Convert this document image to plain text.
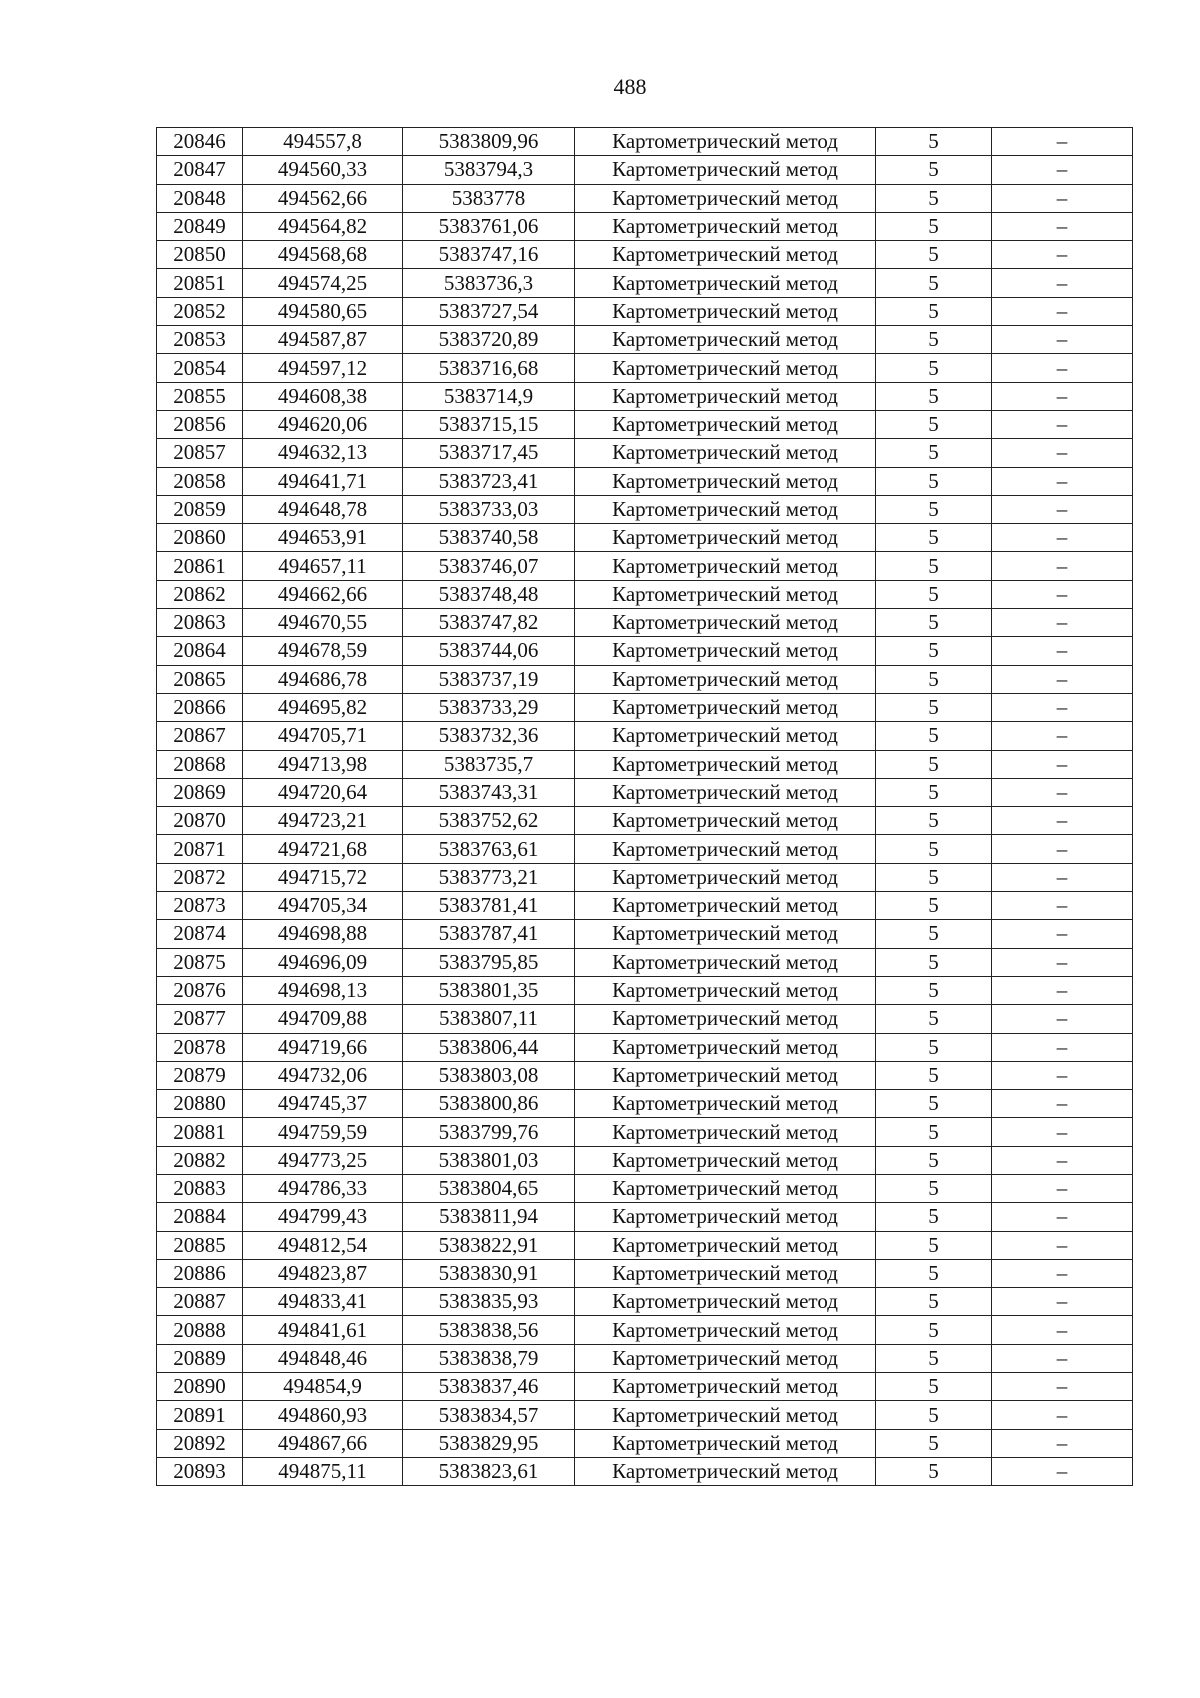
488
20846	494557,8	5383809,96	Картометрический метод	5	–
20847	494560,33	5383794,3	Картометрический метод	5	–
20848	494562,66	5383778	Картометрический метод	5	–
20849	494564,82	5383761,06	Картометрический метод	5	–
20850	494568,68	5383747,16	Картометрический метод	5	–
20851	494574,25	5383736,3	Картометрический метод	5	–
20852	494580,65	5383727,54	Картометрический метод	5	–
20853	494587,87	5383720,89	Картометрический метод	5	–
20854	494597,12	5383716,68	Картометрический метод	5	–
20855	494608,38	5383714,9	Картометрический метод	5	–
20856	494620,06	5383715,15	Картометрический метод	5	–
20857	494632,13	5383717,45	Картометрический метод	5	–
20858	494641,71	5383723,41	Картометрический метод	5	–
20859	494648,78	5383733,03	Картометрический метод	5	–
20860	494653,91	5383740,58	Картометрический метод	5	–
20861	494657,11	5383746,07	Картометрический метод	5	–
20862	494662,66	5383748,48	Картометрический метод	5	–
20863	494670,55	5383747,82	Картометрический метод	5	–
20864	494678,59	5383744,06	Картометрический метод	5	–
20865	494686,78	5383737,19	Картометрический метод	5	–
20866	494695,82	5383733,29	Картометрический метод	5	–
20867	494705,71	5383732,36	Картометрический метод	5	–
20868	494713,98	5383735,7	Картометрический метод	5	–
20869	494720,64	5383743,31	Картометрический метод	5	–
20870	494723,21	5383752,62	Картометрический метод	5	–
20871	494721,68	5383763,61	Картометрический метод	5	–
20872	494715,72	5383773,21	Картометрический метод	5	–
20873	494705,34	5383781,41	Картометрический метод	5	–
20874	494698,88	5383787,41	Картометрический метод	5	–
20875	494696,09	5383795,85	Картометрический метод	5	–
20876	494698,13	5383801,35	Картометрический метод	5	–
20877	494709,88	5383807,11	Картометрический метод	5	–
20878	494719,66	5383806,44	Картометрический метод	5	–
20879	494732,06	5383803,08	Картометрический метод	5	–
20880	494745,37	5383800,86	Картометрический метод	5	–
20881	494759,59	5383799,76	Картометрический метод	5	–
20882	494773,25	5383801,03	Картометрический метод	5	–
20883	494786,33	5383804,65	Картометрический метод	5	–
20884	494799,43	5383811,94	Картометрический метод	5	–
20885	494812,54	5383822,91	Картометрический метод	5	–
20886	494823,87	5383830,91	Картометрический метод	5	–
20887	494833,41	5383835,93	Картометрический метод	5	–
20888	494841,61	5383838,56	Картометрический метод	5	–
20889	494848,46	5383838,79	Картометрический метод	5	–
20890	494854,9	5383837,46	Картометрический метод	5	–
20891	494860,93	5383834,57	Картометрический метод	5	–
20892	494867,66	5383829,95	Картометрический метод	5	–
20893	494875,11	5383823,61	Картометрический метод	5	–
